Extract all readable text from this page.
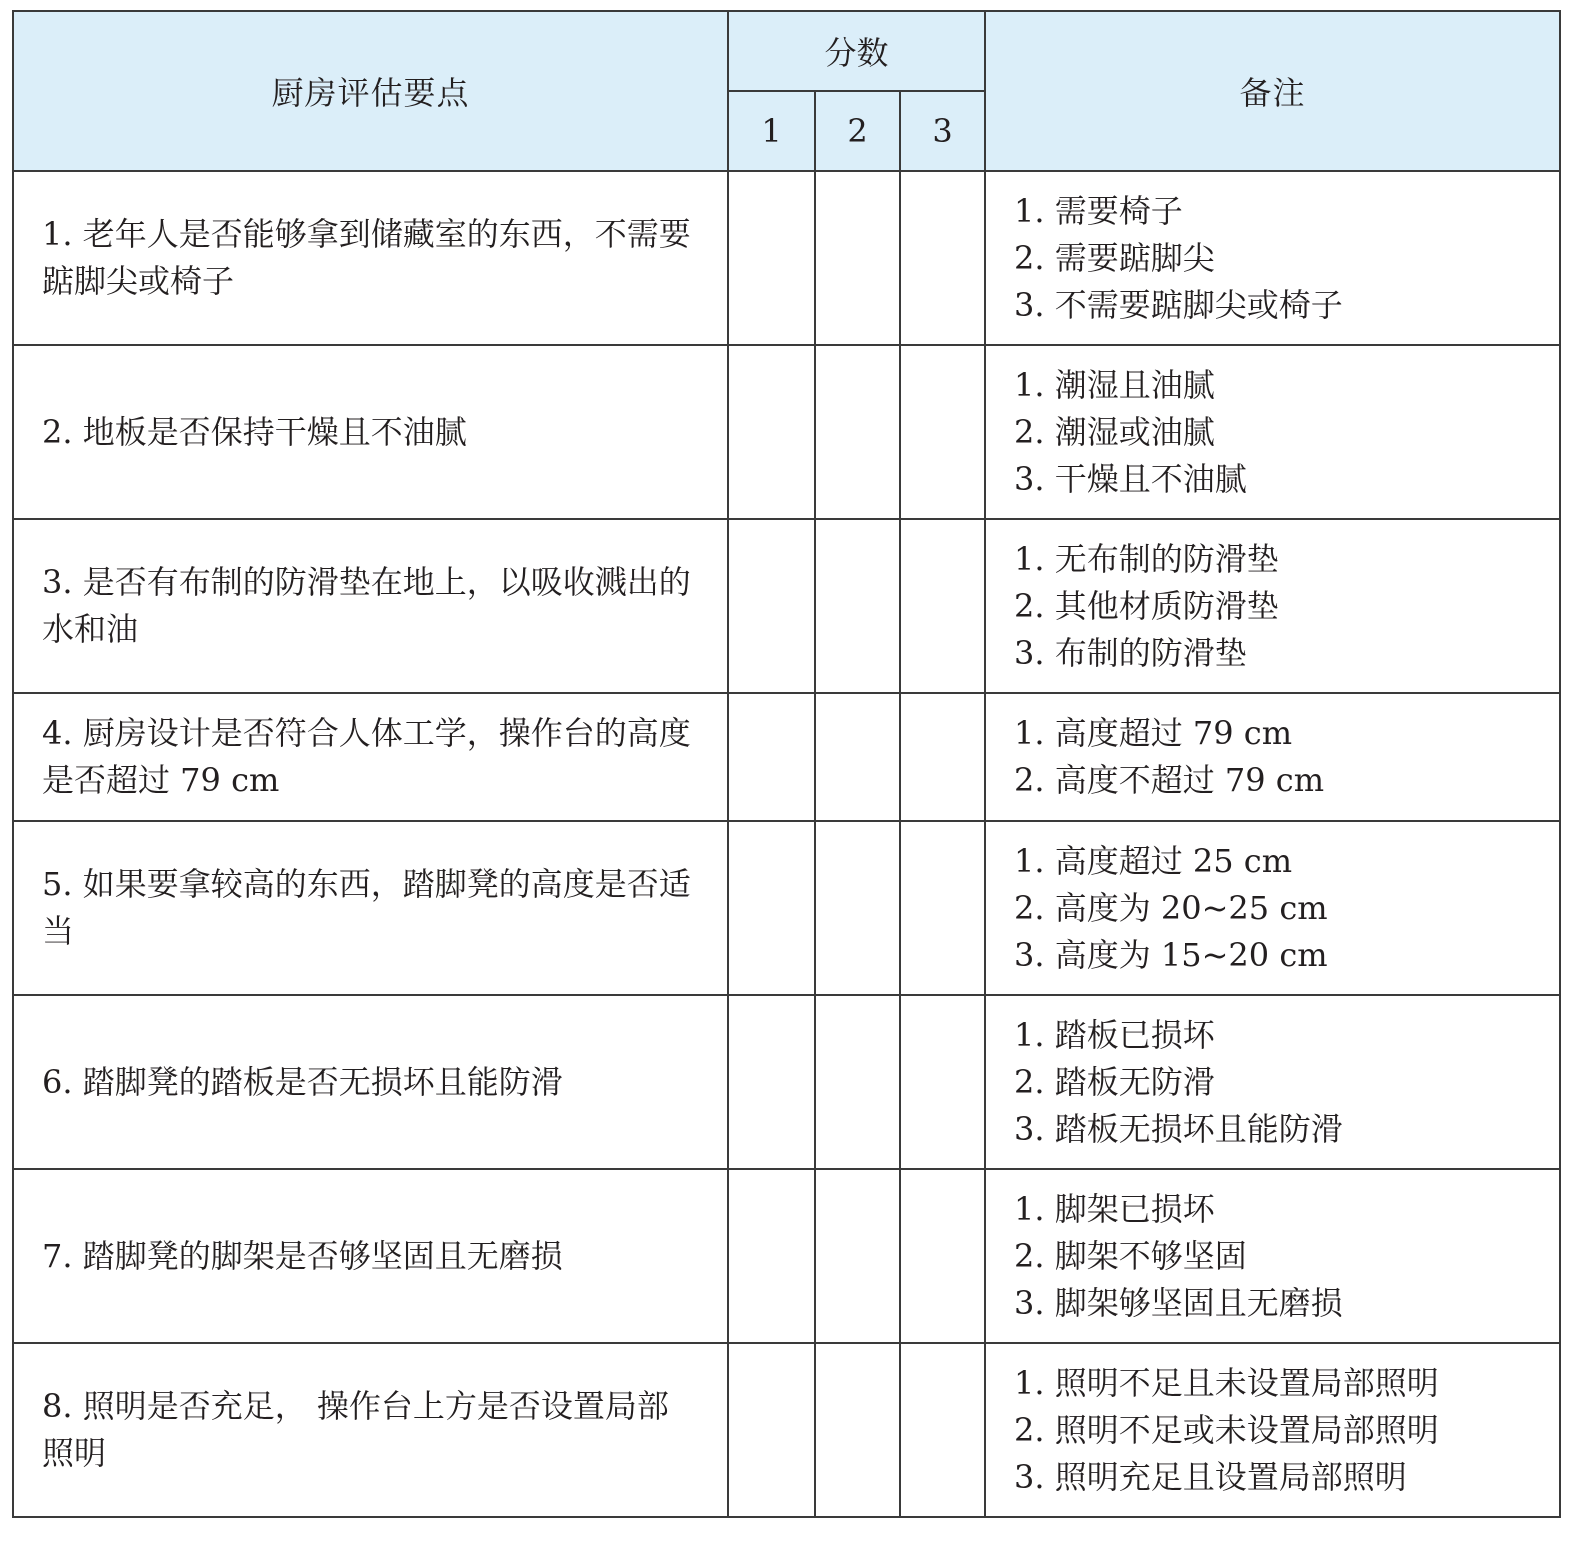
厨房评估要点	分数			备注
	1	2	3	
1. 老年人是否能够拿到储藏室的东西，不需要踮脚尖或椅子				1. 需要椅子
2. 需要踮脚尖
3. 不需要踮脚尖或椅子

2. 地板是否保持干燥且不油腻				1. 潮湿且油腻
2. 潮湿或油腻
3. 干燥且不油腻

3. 是否有布制的防滑垫在地上，以吸收溅出的水和油				1. 无布制的防滑垫
2. 其他材质防滑垫
3. 布制的防滑垫

4. 厨房设计是否符合人体工学，操作台的高度是否超过 79 cm				1. 高度超过 79 cm
2. 高度不超过 79 cm

5. 如果要拿较高的东西，踏脚凳的高度是否适当				1. 高度超过 25 cm
2. 高度为 20~25 cm
3. 高度为 15~20 cm

6. 踏脚凳的踏板是否无损坏且能防滑				1. 踏板已损坏
2. 踏板无防滑
3. 踏板无损坏且能防滑

7. 踏脚凳的脚架是否够坚固且无磨损				1. 脚架已损坏
2. 脚架不够坚固
3. 脚架够坚固且无磨损

8. 照明是否充足， 操作台上方是否设置局部照明				1. 照明不足且未设置局部照明
2. 照明不足或未设置局部照明
3. 照明充足且设置局部照明
